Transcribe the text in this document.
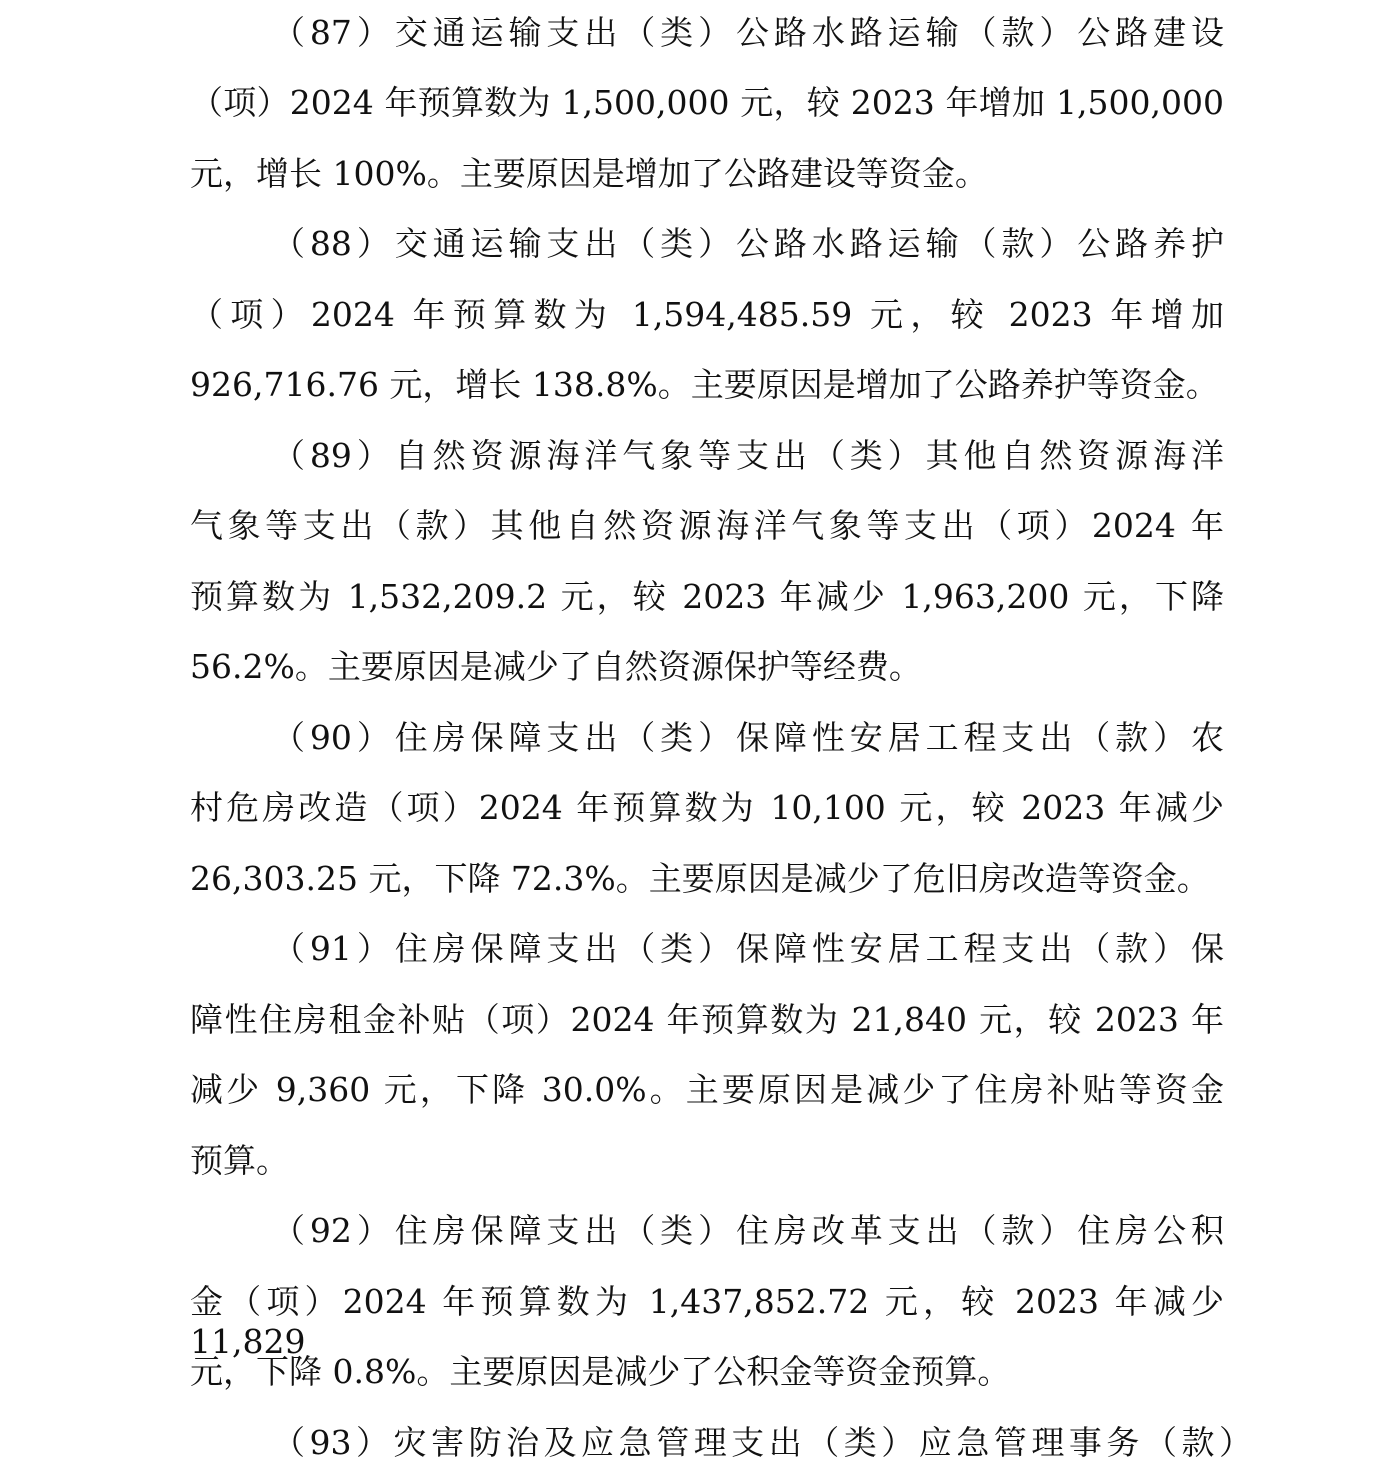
（87）交通运输支出（类）公路水路运输（款）公路建设

（项）2024 年预算数为 1,500,000 元，较 2023 年增加 1,500,000

元，增长 100%。主要原因是增加了公路建设等资金。

（88）交通运输支出（类）公路水路运输（款）公路养护

（项）2024 年预算数为 1,594,485.59 元，较 2023 年增加

926,716.76 元，增长 138.8%。主要原因是增加了公路养护等资金。

（89）自然资源海洋气象等支出（类）其他自然资源海洋

气象等支出（款）其他自然资源海洋气象等支出（项）2024 年

预算数为 1,532,209.2 元，较 2023 年减少 1,963,200 元，下降

56.2%。主要原因是减少了自然资源保护等经费。

（90）住房保障支出（类）保障性安居工程支出（款）农

村危房改造（项）2024 年预算数为 10,100 元，较 2023 年减少

26,303.25 元，下降 72.3%。主要原因是减少了危旧房改造等资金。

（91）住房保障支出（类）保障性安居工程支出（款）保

障性住房租金补贴（项）2024 年预算数为 21,840 元，较 2023 年

减少 9,360 元，下降 30.0%。主要原因是减少了住房补贴等资金

预算。

（92）住房保障支出（类）住房改革支出（款）住房公积

金（项）2024 年预算数为 1,437,852.72 元，较 2023 年减少 11,829

元，下降 0.8%。主要原因是减少了公积金等资金预算。

（93）灾害防治及应急管理支出（类）应急管理事务（款）
